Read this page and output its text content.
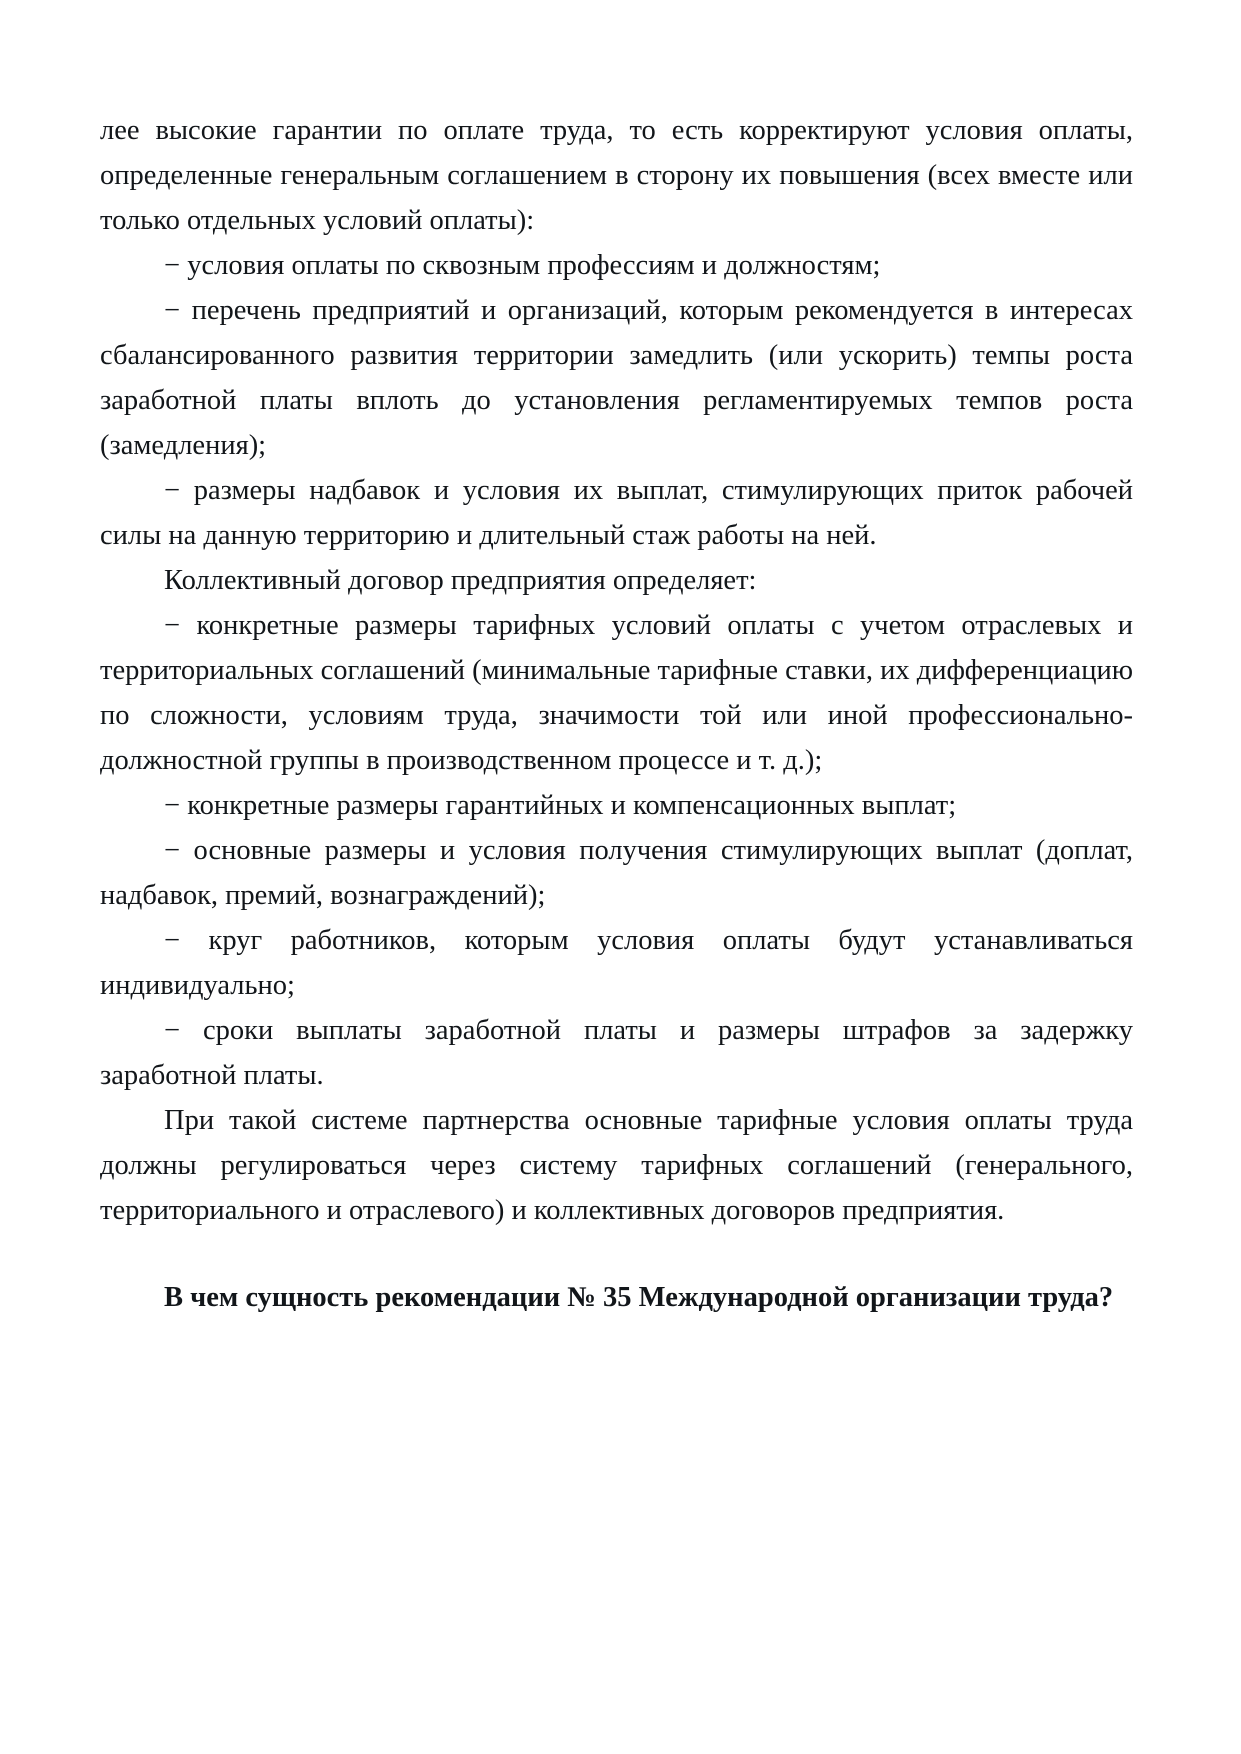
лее высокие гарантии по оплате труда, то есть корректируют условия оплаты, определенные генеральным соглашением в сторону их повышения (всех вместе или только отдельных условий оплаты):

− условия оплаты по сквозным профессиям и должностям;

− перечень предприятий и организаций, которым рекомендуется в интересах сбалансированного развития территории замедлить (или ускорить) темпы роста заработной платы вплоть до установления регламентируемых темпов роста (замедления);

− размеры надбавок и условия их выплат, стимулирующих приток рабочей силы на данную территорию и длительный стаж работы на ней.

Коллективный договор предприятия определяет:

− конкретные размеры тарифных условий оплаты с учетом отраслевых и территориальных соглашений (минимальные тарифные ставки, их дифференциацию по сложности, условиям труда, значимости той или иной профессионально-должностной группы в производственном процессе и т. д.);

− конкретные размеры гарантийных и компенсационных выплат;

− основные размеры и условия получения стимулирующих выплат (доплат, надбавок, премий, вознаграждений);

− круг работников, которым условия оплаты будут устанавливаться индивидуально;

− сроки выплаты заработной платы и размеры штрафов за задержку заработной платы.

При такой системе партнерства основные тарифные условия оплаты труда должны регулироваться через систему тарифных соглашений (генерального, территориального и отраслевого) и коллективных договоров предприятия.

В чем сущность рекомендации № 35 Международной организации труда?
